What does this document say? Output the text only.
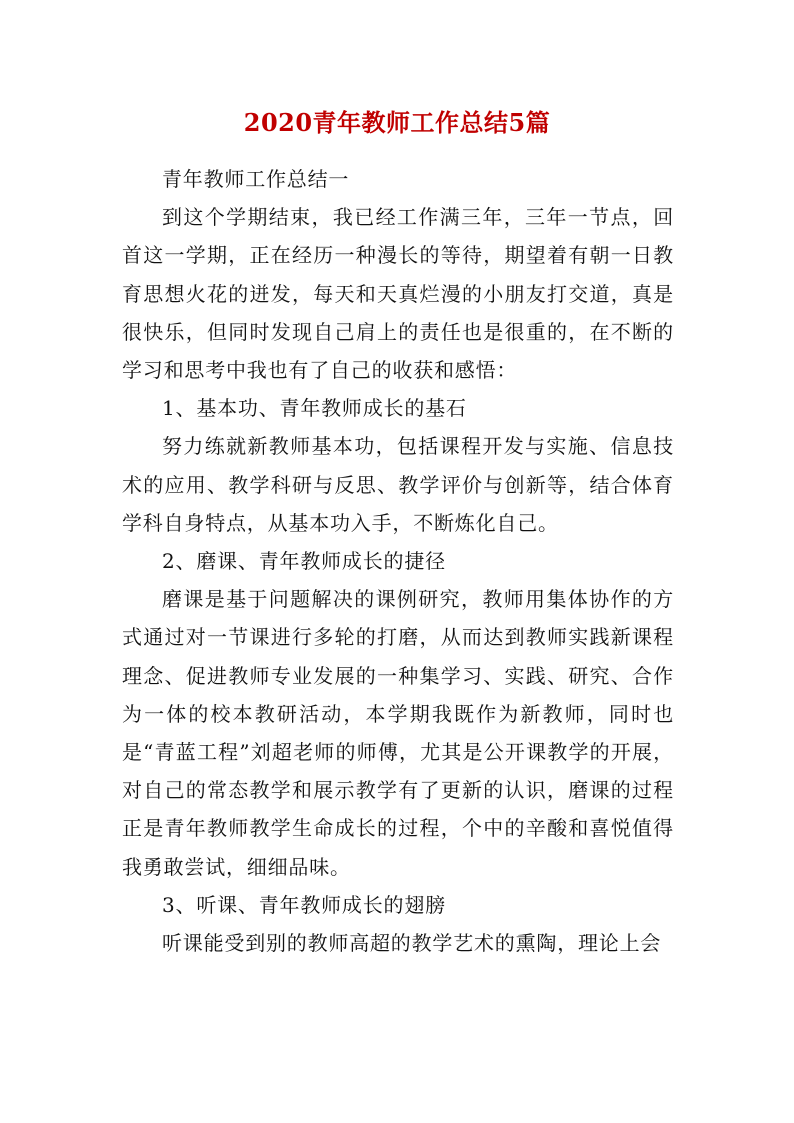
2020青年教师工作总结5篇

青年教师工作总结一

到这个学期结束，我已经工作满三年，三年一节点，回首这一学期，正在经历一种漫长的等待，期望着有朝一日教育思想火花的迸发，每天和天真烂漫的小朋友打交道，真是很快乐，但同时发现自己肩上的责任也是很重的，在不断的学习和思考中我也有了自己的收获和感悟：

1、基本功、青年教师成长的基石

努力练就新教师基本功，包括课程开发与实施、信息技术的应用、教学科研与反思、教学评价与创新等，结合体育学科自身特点，从基本功入手，不断炼化自己。

2、磨课、青年教师成长的捷径

磨课是基于问题解决的课例研究，教师用集体协作的方式通过对一节课进行多轮的打磨，从而达到教师实践新课程理念、促进教师专业发展的一种集学习、实践、研究、合作为一体的校本教研活动，本学期我既作为新教师，同时也是“青蓝工程”刘超老师的师傅，尤其是公开课教学的开展，对自己的常态教学和展示教学有了更新的认识，磨课的过程正是青年教师教学生命成长的过程，个中的辛酸和喜悦值得我勇敢尝试，细细品味。

3、听课、青年教师成长的翅膀

听课能受到别的教师高超的教学艺术的熏陶，理论上会
